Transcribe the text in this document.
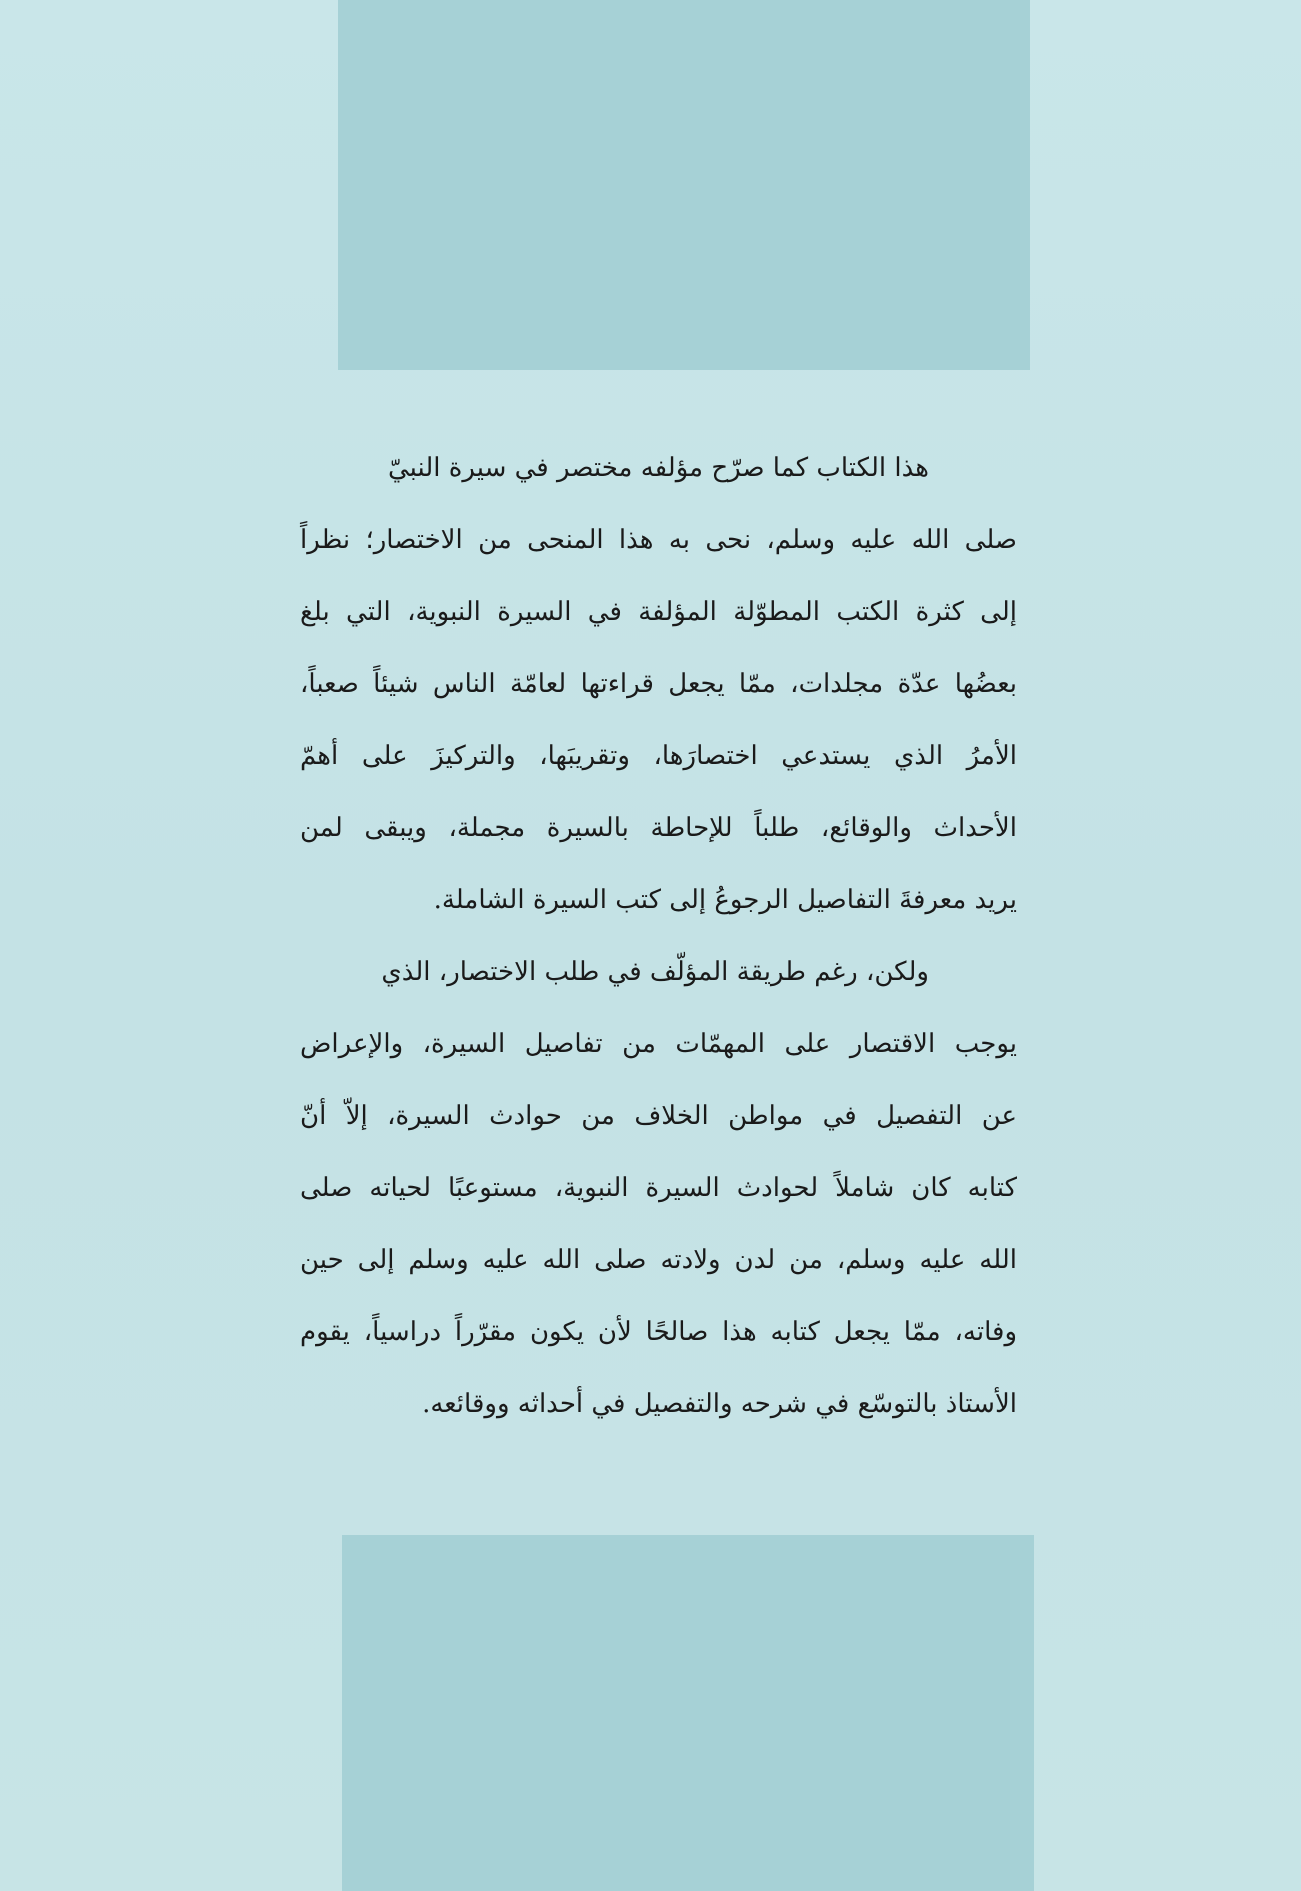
هذا الكتاب كما صرّح مؤلفه مختصر في سيرة النبيّ
صلى الله عليه وسلم، نحى به هذا المنحى من الاختصار؛ نظراً
إلى كثرة الكتب المطوّلة المؤلفة في السيرة النبوية، التي بلغ
بعضُها عدّة مجلدات، ممّا يجعل قراءتها لعامّة الناس شيئاً صعباً،
الأمرُ الذي يستدعي اختصارَها، وتقريبَها، والتركيزَ على أهمّ
الأحداث والوقائع، طلباً للإحاطة بالسيرة مجملة، ويبقى لمن
يريد معرفةَ التفاصيل الرجوعُ إلى كتب السيرة الشاملة.
ولكن، رغم طريقة المؤلّف في طلب الاختصار، الذي
يوجب الاقتصار على المهمّات من تفاصيل السيرة، والإعراض
عن التفصيل في مواطن الخلاف من حوادث السيرة، إلاّ أنّ
كتابه كان شاملاً لحوادث السيرة النبوية، مستوعبًا لحياته صلى
الله عليه وسلم، من لدن ولادته صلى الله عليه وسلم إلى حين
وفاته، ممّا يجعل كتابه هذا صالحًا لأن يكون مقرّراً دراسياً، يقوم
الأستاذ بالتوسّع في شرحه والتفصيل في أحداثه ووقائعه.
